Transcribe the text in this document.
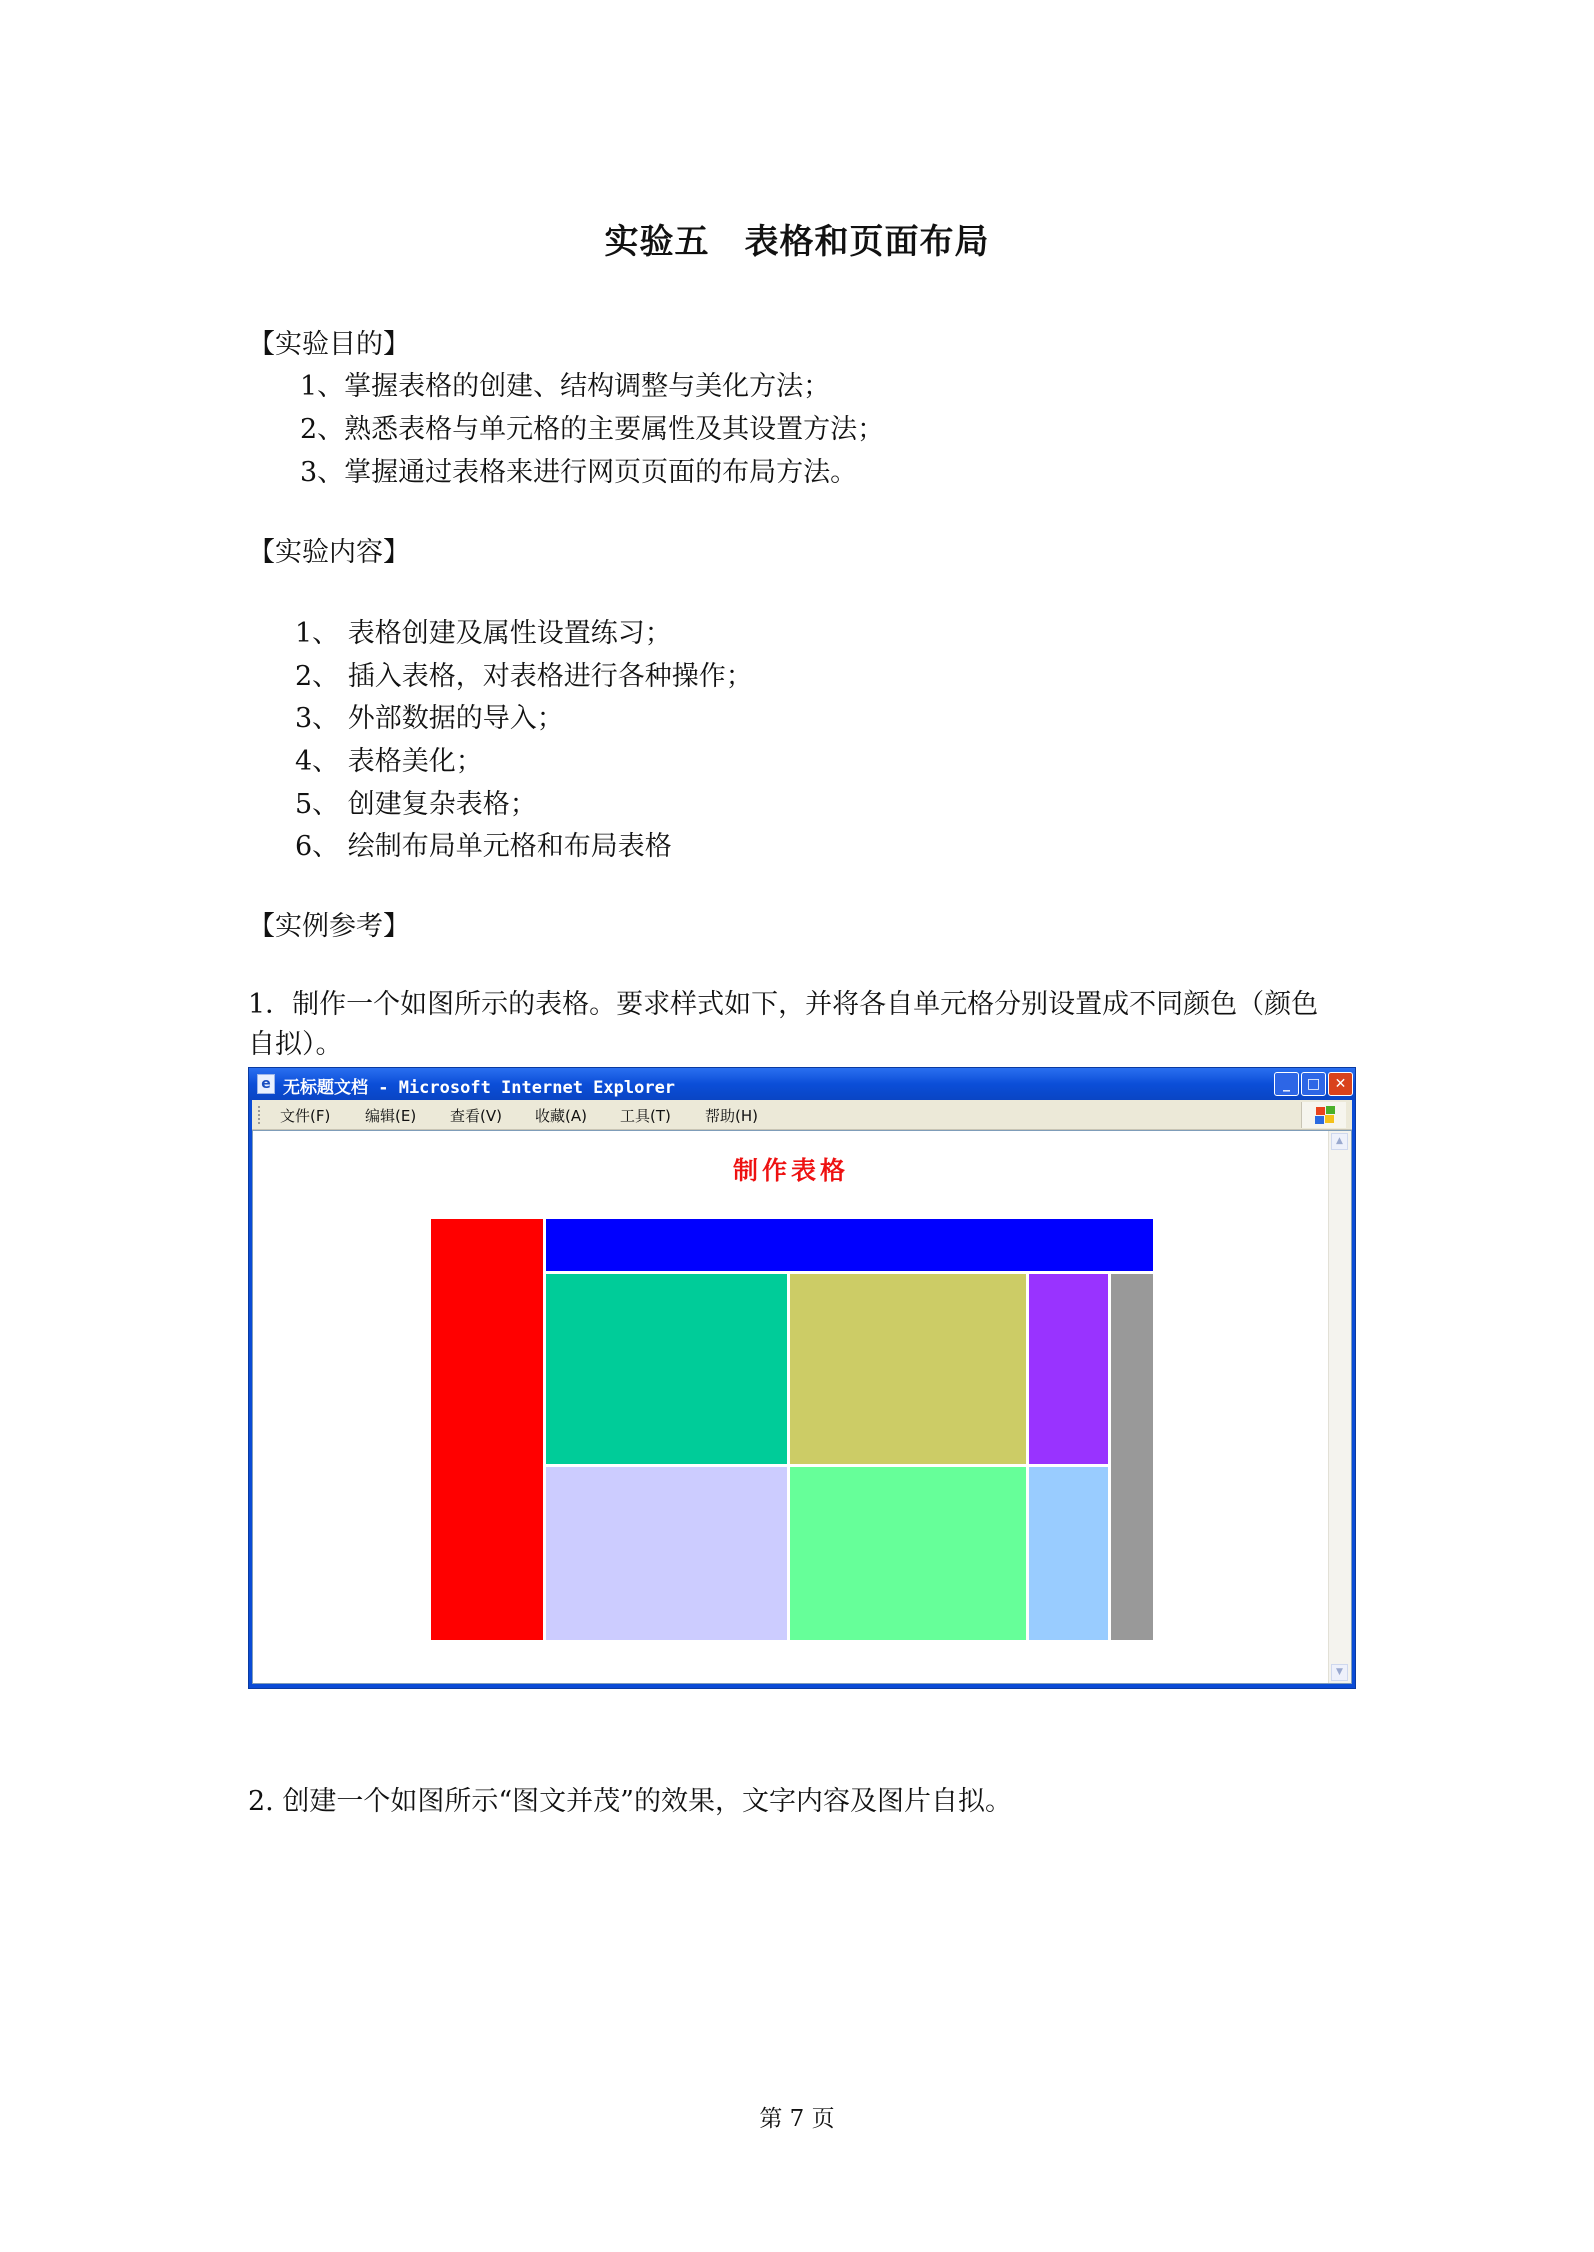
实验五　表格和页面布局
【实验目的】
1、掌握表格的创建、结构调整与美化方法；
2、熟悉表格与单元格的主要属性及其设置方法；
3、掌握通过表格来进行网页页面的布局方法。
【实验内容】
1、 表格创建及属性设置练习；
2、 插入表格，对表格进行各种操作；
3、 外部数据的导入；
4、 表格美化；
5、 创建复杂表格；
6、 绘制布局单元格和布局表格
【实例参考】
1．制作一个如图所示的表格。要求样式如下，并将各自单元格分别设置成不同颜色（颜色
自拟）。
e 无标题文档 - Microsoft Internet Explorer	_	□	✕
文件(F) 编辑(E) 查看(V) 收藏(A) 工具(T) 帮助(H)
制作表格
▲
▼
2. 创建一个如图所示“图文并茂”的效果，文字内容及图片自拟。
第 7 页
